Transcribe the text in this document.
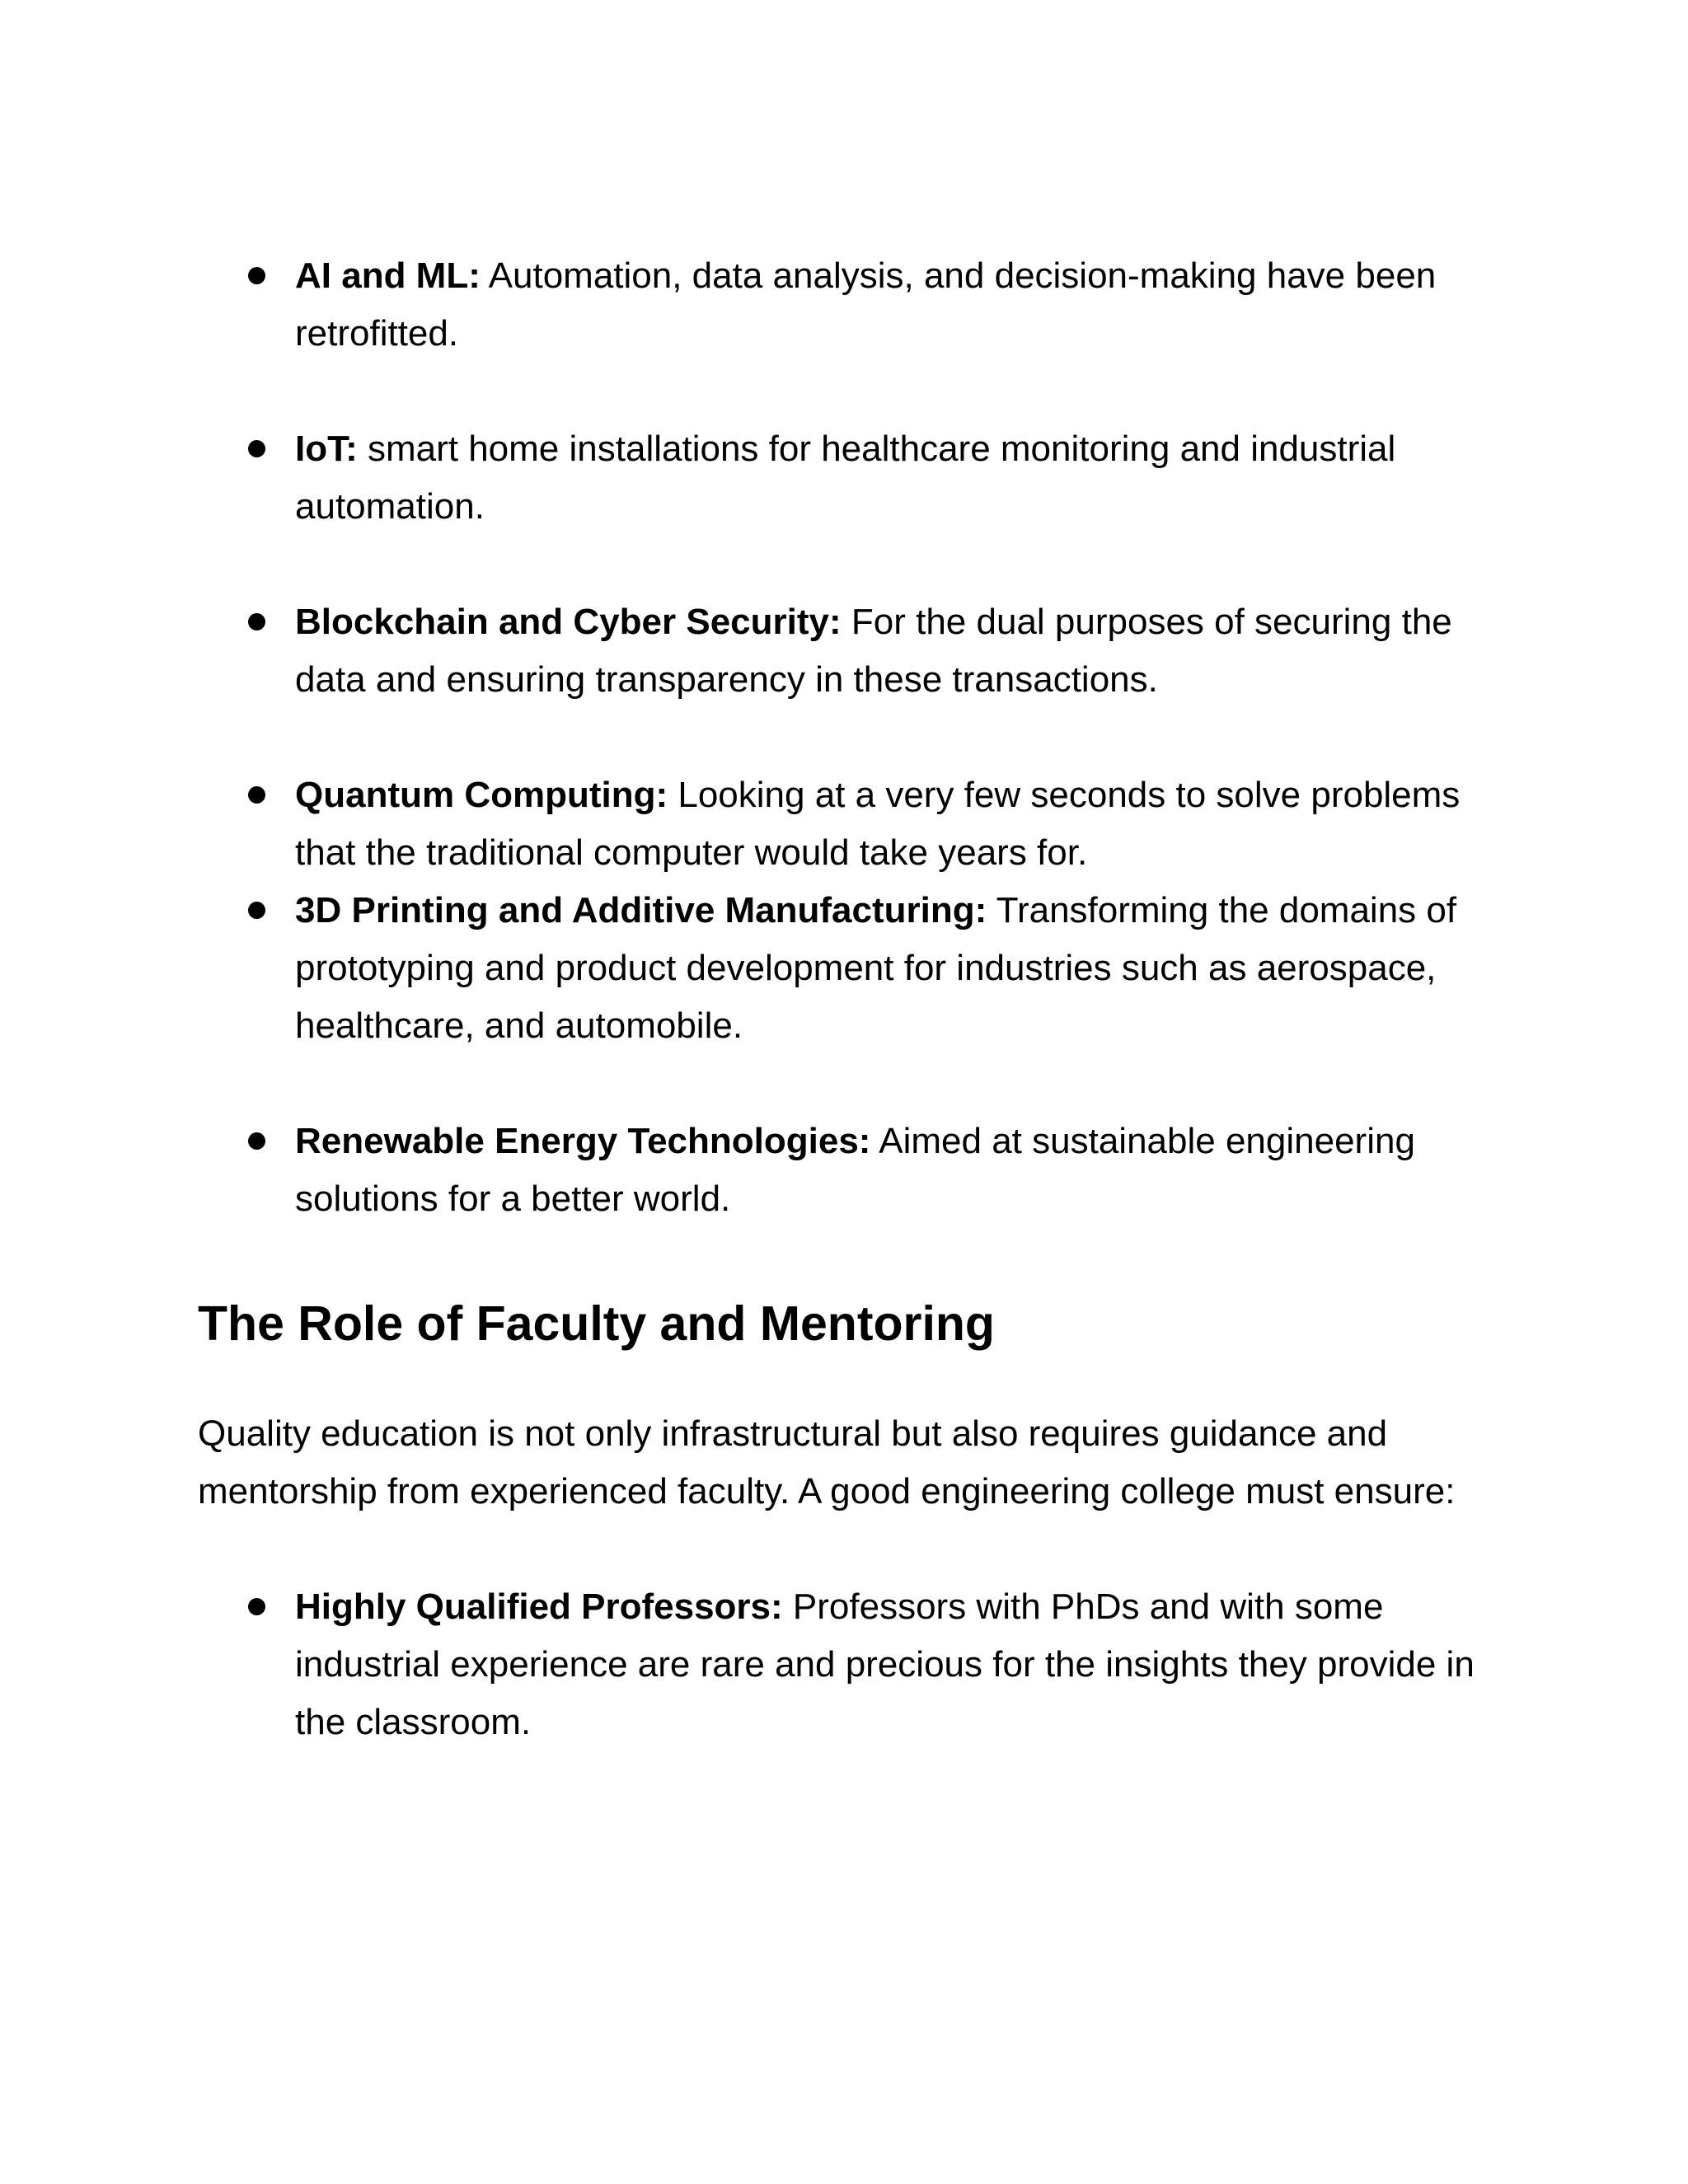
AI and ML: Automation, data analysis, and decision-making have been retrofitted.
IoT: smart home installations for healthcare monitoring and industrial automation.
Blockchain and Cyber Security: For the dual purposes of securing the data and ensuring transparency in these transactions.
Quantum Computing: Looking at a very few seconds to solve problems that the traditional computer would take years for.
3D Printing and Additive Manufacturing: Transforming the domains of prototyping and product development for industries such as aerospace, healthcare, and automobile.
Renewable Energy Technologies: Aimed at sustainable engineering solutions for a better world.
The Role of Faculty and Mentoring

Quality education is not only infrastructural but also requires guidance and mentorship from experienced faculty. A good engineering college must ensure:

Highly Qualified Professors: Professors with PhDs and with some industrial experience are rare and precious for the insights they provide in the classroom.
